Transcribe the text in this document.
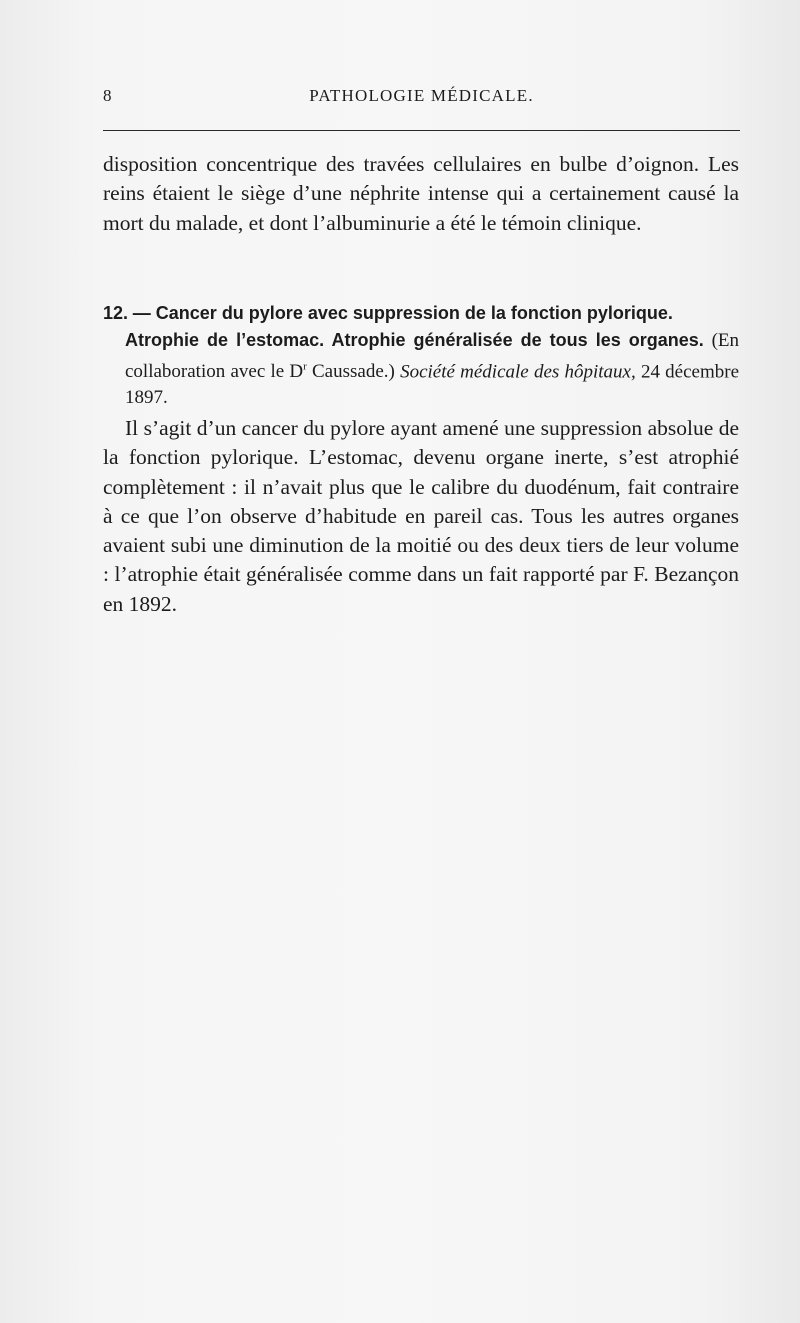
8	PATHOLOGIE MÉDICALE.

disposition concentrique des travées cellulaires en bulbe d’oignon. Les reins étaient le siège d’une néphrite intense qui a certainement causé la mort du malade, et dont l’albuminurie a été le témoin clinique.

12. — Cancer du pylore avec suppression de la fonction pylorique.
Atrophie de l’estomac. Atrophie généralisée de tous les organes. (En collaboration avec le $D^r$ Caussade.) Société médicale des hôpitaux, 24 décembre 1897.

Il s’agit d’un cancer du pylore ayant amené une suppression absolue de la fonction pylorique. L’estomac, devenu organe inerte, s’est atrophié complètement : il n’avait plus que le calibre du duodénum, fait contraire à ce que l’on observe d’habitude en pareil cas. Tous les autres organes avaient subi une diminution de la moitié ou des deux tiers de leur volume : l’atrophie était généralisée comme dans un fait rapporté par F. Bezançon en 1892.
